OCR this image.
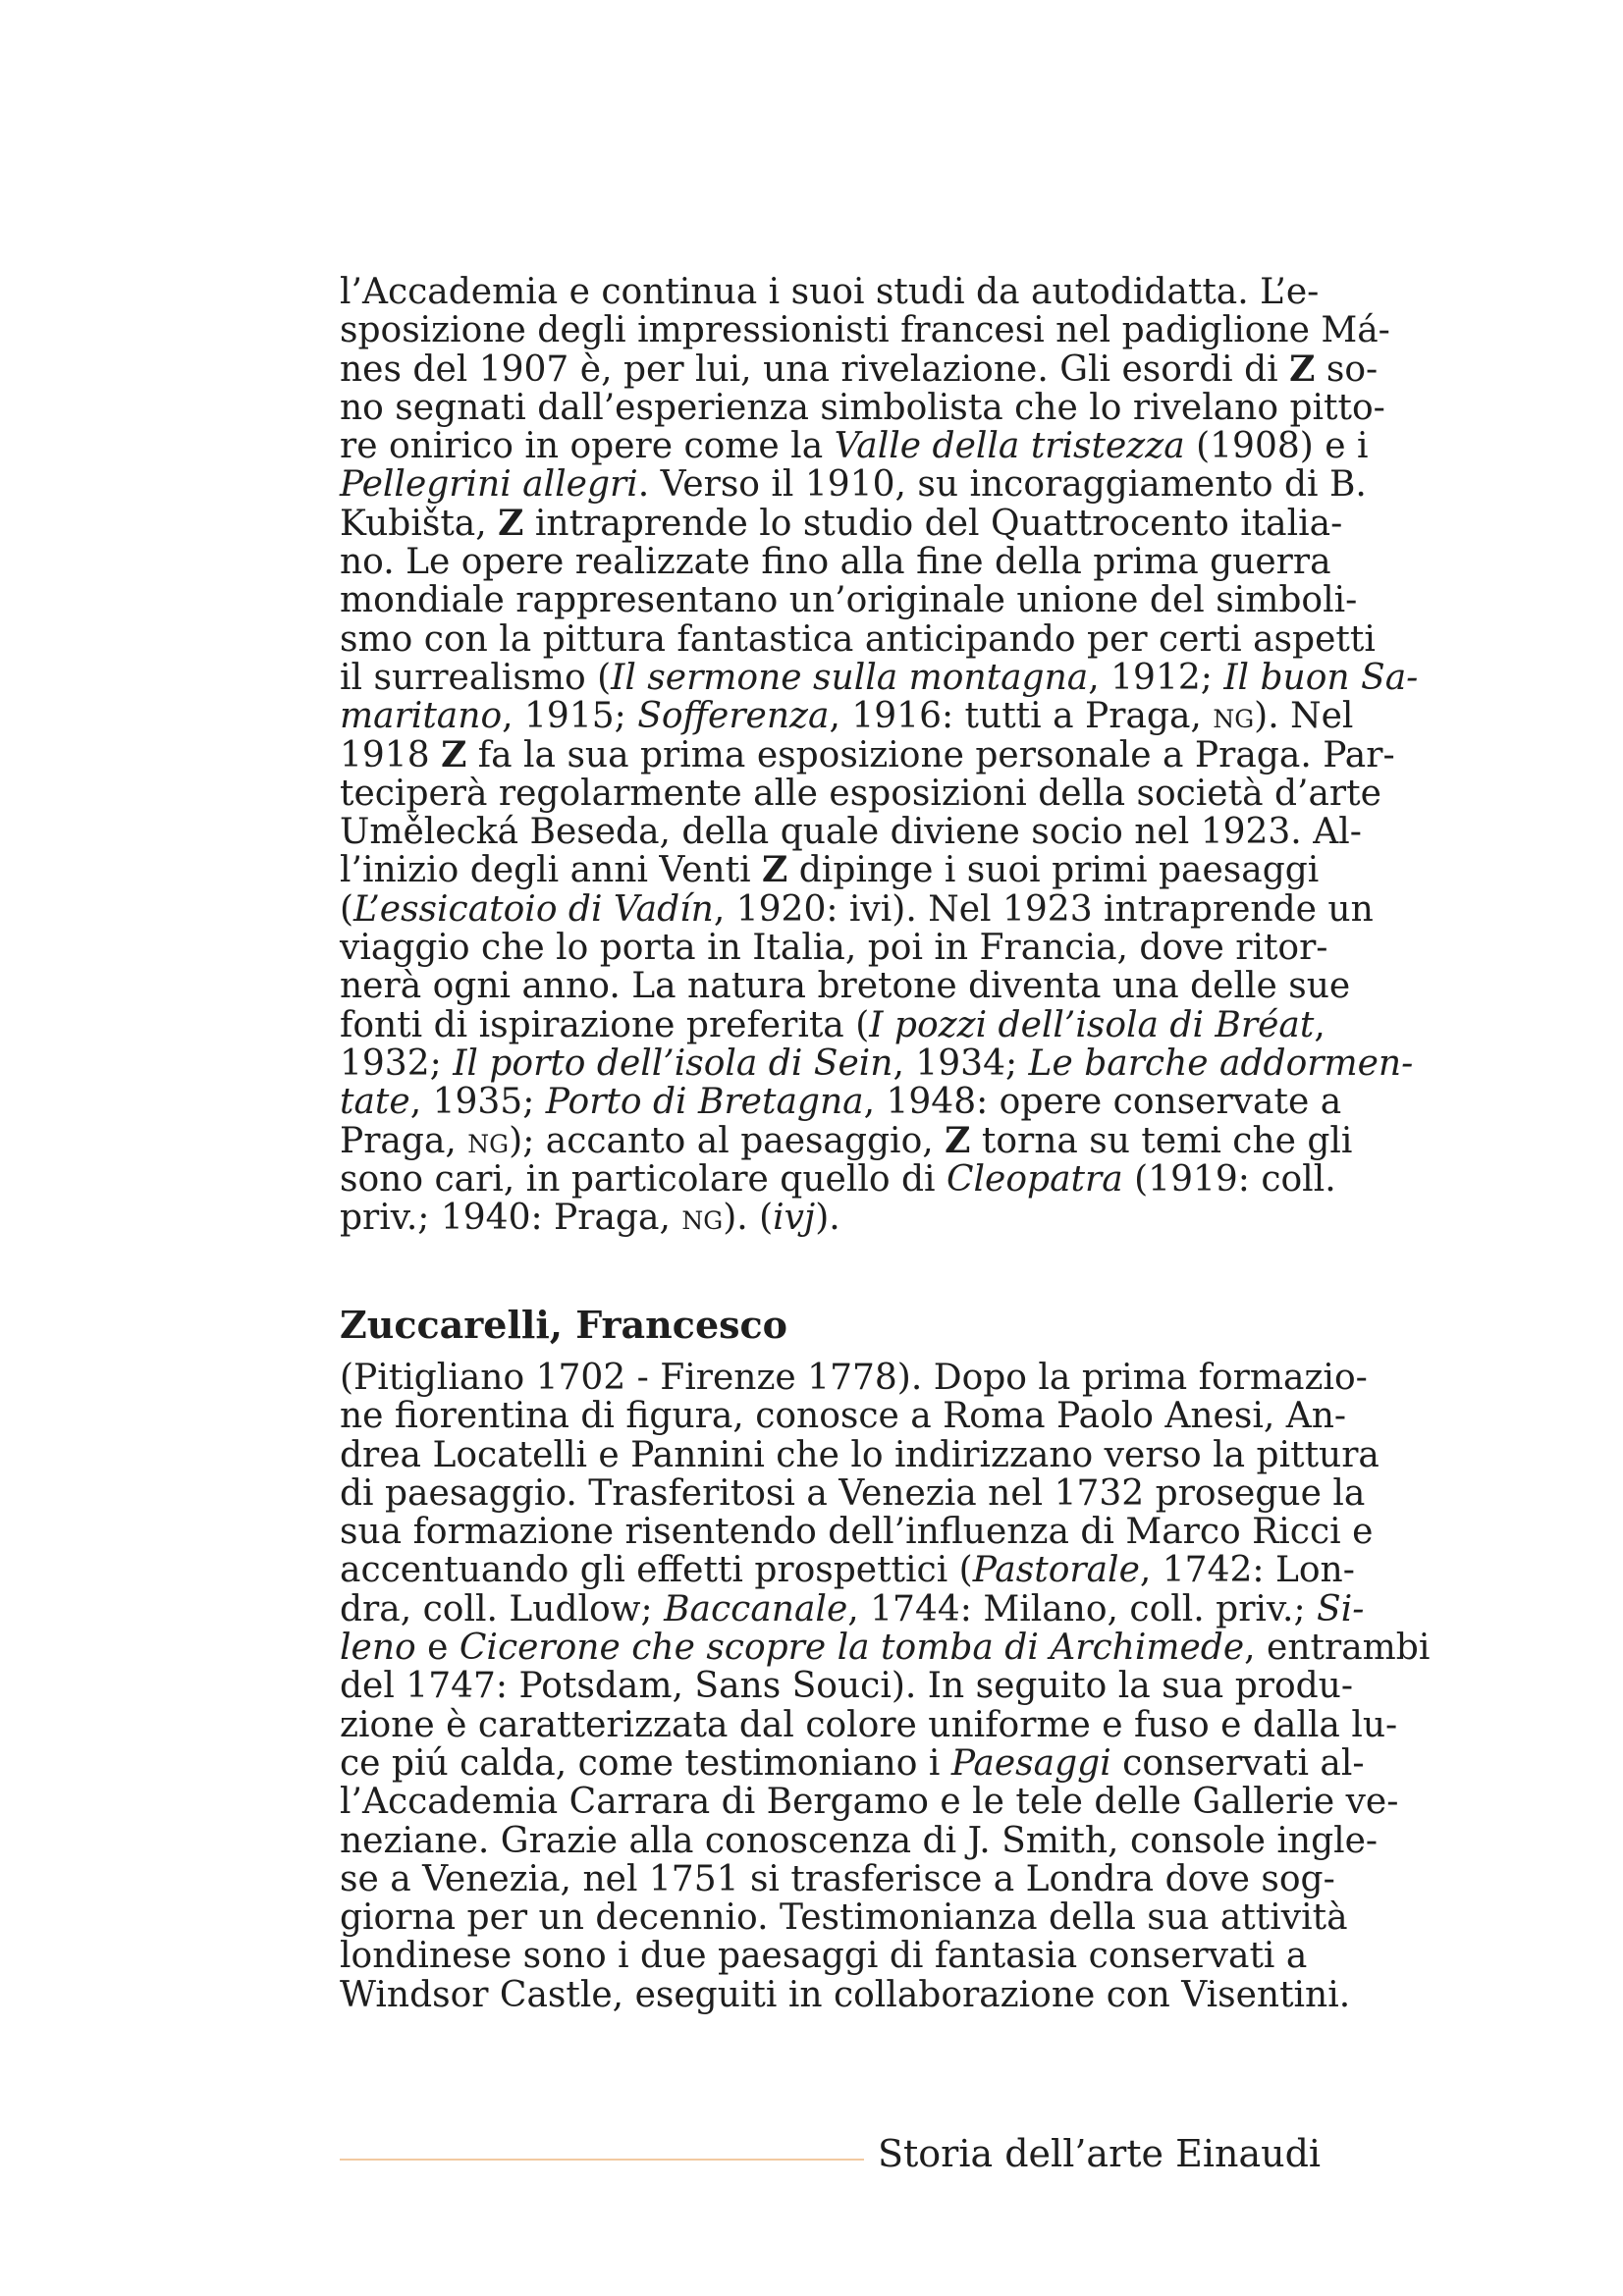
l’Accademia e continua i suoi studi da autodidatta. L’e-
sposizione degli impressionisti francesi nel padiglione Má-
nes del 1907 è, per lui, una rivelazione. Gli esordi di Z so-
no segnati dall’esperienza simbolista che lo rivelano pitto-
re onirico in opere come la Valle della tristezza (1908) e i
Pellegrini allegri. Verso il 1910, su incoraggiamento di B.
Kubišta, Z intraprende lo studio del Quattrocento italia-
no. Le opere realizzate fino alla fine della prima guerra
mondiale rappresentano un’originale unione del simboli-
smo con la pittura fantastica anticipando per certi aspetti
il surrealismo (Il sermone sulla montagna, 1912; Il buon Sa-
maritano, 1915; Sofferenza, 1916: tutti a Praga, ng). Nel
1918 Z fa la sua prima esposizione personale a Praga. Par-
teciperà regolarmente alle esposizioni della società d’arte
Umělecká Beseda, della quale diviene socio nel 1923. Al-
l’inizio degli anni Venti Z dipinge i suoi primi paesaggi
(L’essicatoio di Vadín, 1920: ivi). Nel 1923 intraprende un
viaggio che lo porta in Italia, poi in Francia, dove ritor-
nerà ogni anno. La natura bretone diventa una delle sue
fonti di ispirazione preferita (I pozzi dell’isola di Bréat,
1932; Il porto dell’isola di Sein, 1934; Le barche addormen-
tate, 1935; Porto di Bretagna, 1948: opere conservate a
Praga, ng); accanto al paesaggio, Z torna su temi che gli
sono cari, in particolare quello di Cleopatra (1919: coll.
priv.; 1940: Praga, ng). (ivj).
Zuccarelli, Francesco
(Pitigliano 1702 - Firenze 1778). Dopo la prima formazio-
ne fiorentina di figura, conosce a Roma Paolo Anesi, An-
drea Locatelli e Pannini che lo indirizzano verso la pittura
di paesaggio. Trasferitosi a Venezia nel 1732 prosegue la
sua formazione risentendo dell’influenza di Marco Ricci e
accentuando gli effetti prospettici (Pastorale, 1742: Lon-
dra, coll. Ludlow; Baccanale, 1744: Milano, coll. priv.; Si-
leno e Cicerone che scopre la tomba di Archimede, entrambi
del 1747: Potsdam, Sans Souci). In seguito la sua produ-
zione è caratterizzata dal colore uniforme e fuso e dalla lu-
ce piú calda, come testimoniano i Paesaggi conservati al-
l’Accademia Carrara di Bergamo e le tele delle Gallerie ve-
neziane. Grazie alla conoscenza di J. Smith, console ingle-
se a Venezia, nel 1751 si trasferisce a Londra dove sog-
giorna per un decennio. Testimonianza della sua attività
londinese sono i due paesaggi di fantasia conservati a
Windsor Castle, eseguiti in collaborazione con Visentini.
Storia dell’arte Einaudi
